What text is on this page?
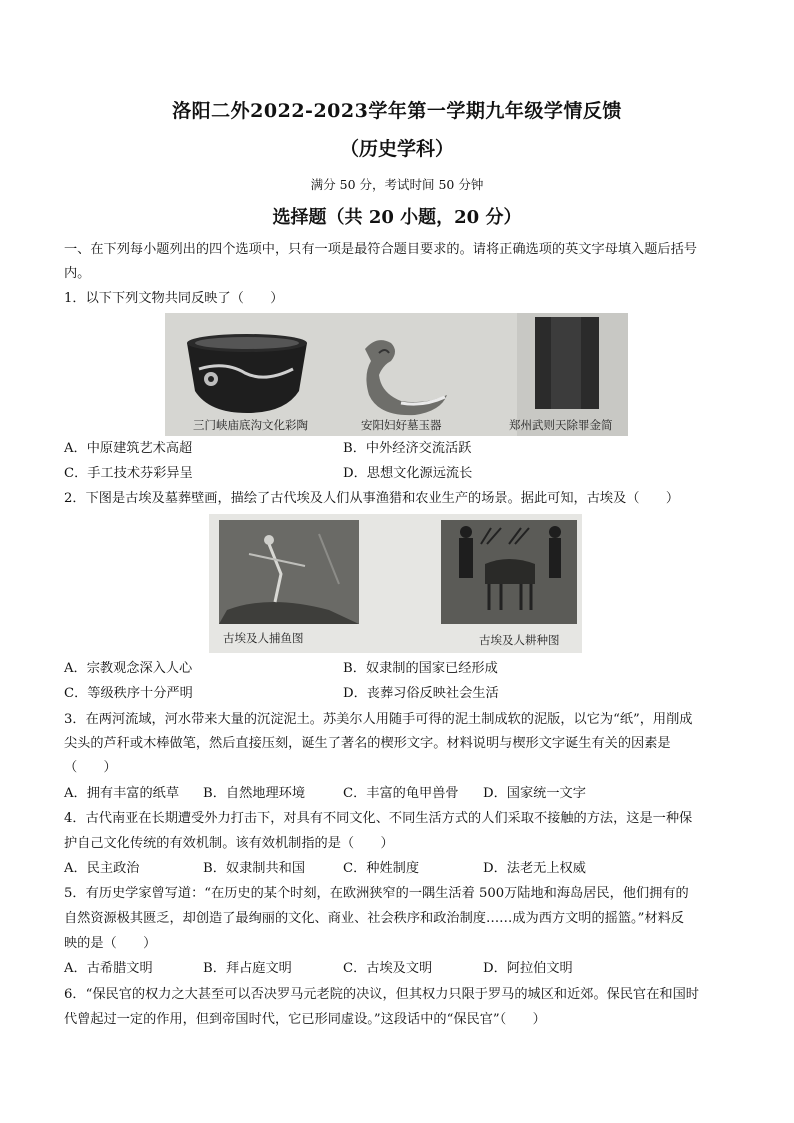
洛阳二外2022-2023学年第一学期九年级学情反馈
（历史学科）
满分 50 分，考试时间 50 分钟
选择题（共 20 小题，20 分）
一、在下列每小题列出的四个选项中，只有一项是最符合题目要求的。请将正确选项的英文字母填入题后括号
内。
1．以下下列文物共同反映了（　　）
三门峡庙底沟文化彩陶	安阳妇好墓玉器	郑州武则天除罪金简
A．中原建筑艺术高超	B．中外经济交流活跃
C．手工技术芬彩异呈	D．思想文化源远流长
2．下图是古埃及墓葬壁画，描绘了古代埃及人们从事渔猎和农业生产的场景。据此可知，古埃及（　　）
古埃及人捕鱼图	古埃及人耕种图
A．宗教观念深入人心	B．奴隶制的国家已经形成
C．等级秩序十分严明	D．丧葬习俗反映社会生活
3．在两河流域，河水带来大量的沉淀泥土。苏美尔人用随手可得的泥土制成软的泥版，以它为“纸”，用削成
尖头的芦秆或木棒做笔，然后直接压刻，诞生了著名的楔形文字。材料说明与楔形文字诞生有关的因素是
（　　）
A．拥有丰富的纸草 B．自然地理环境	C．丰富的龟甲兽骨 D．国家统一文字
4．古代南亚在长期遭受外力打击下，对具有不同文化、不同生活方式的人们采取不接触的方法，这是一种保
护自己文化传统的有效机制。该有效机制指的是（　　）
A．民主政治	B．奴隶制共和国	C．种姓制度	D．法老无上权威
5．有历史学家曾写道：“在历史的某个时刻，在欧洲狭窄的一隅生活着 500万陆地和海岛居民，他们拥有的
自然资源极其匮乏，却创造了最绚丽的文化、商业、社会秩序和政治制度……成为西方文明的摇篮。”材料反
映的是（　　）
A．古希腊文明	B．拜占庭文明	C．古埃及文明	D．阿拉伯文明
6．“保民官的权力之大甚至可以否决罗马元老院的决议，但其权力只限于罗马的城区和近郊。保民官在和国时
代曾起过一定的作用，但到帝国时代，它已形同虚设。”这段话中的“保民官”（　　）
